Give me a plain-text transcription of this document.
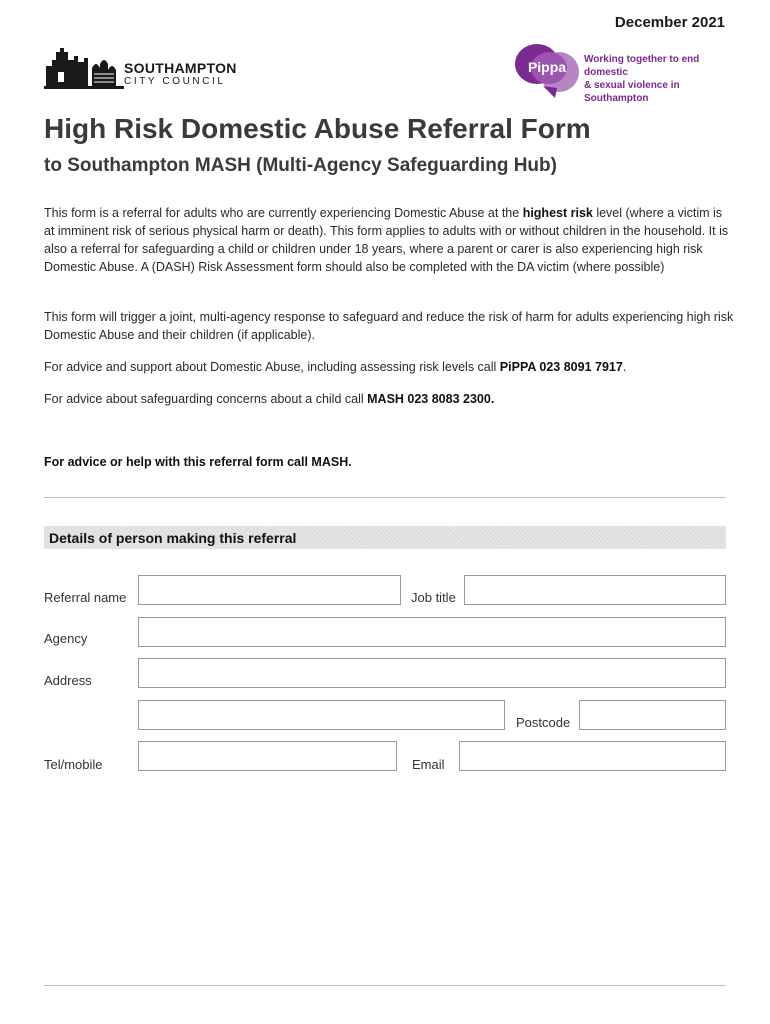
December 2021
SOUTHAMPTON
CITY COUNCIL
Pippa Working together to end domestic
& sexual violence in Southampton
High Risk Domestic Abuse Referral Form
to Southampton MASH (Multi-Agency Safeguarding Hub)
This form is a referral for adults who are currently experiencing Domestic Abuse at the highest risk level (where a victim is at imminent risk of serious physical harm or death). This form applies to adults with or without children in the household. It is also a referral for safeguarding a child or children under 18 years, where a parent or carer is also experiencing high risk Domestic Abuse. A (DASH) Risk Assessment form should also be completed with the DA victim (where possible)
This form will trigger a joint, multi-agency response to safeguard and reduce the risk of harm for adults experiencing high risk Domestic Abuse and their children (if applicable).
For advice and support about Domestic Abuse, including assessing risk levels call PiPPA 023 8091 7917.
For advice about safeguarding concerns about a child call MASH 023 8083 2300.
For advice or help with this referral form call MASH.
Details of person making this referral
Referral name	Job title
Agency
Address
Postcode
Tel/mobile	Email
